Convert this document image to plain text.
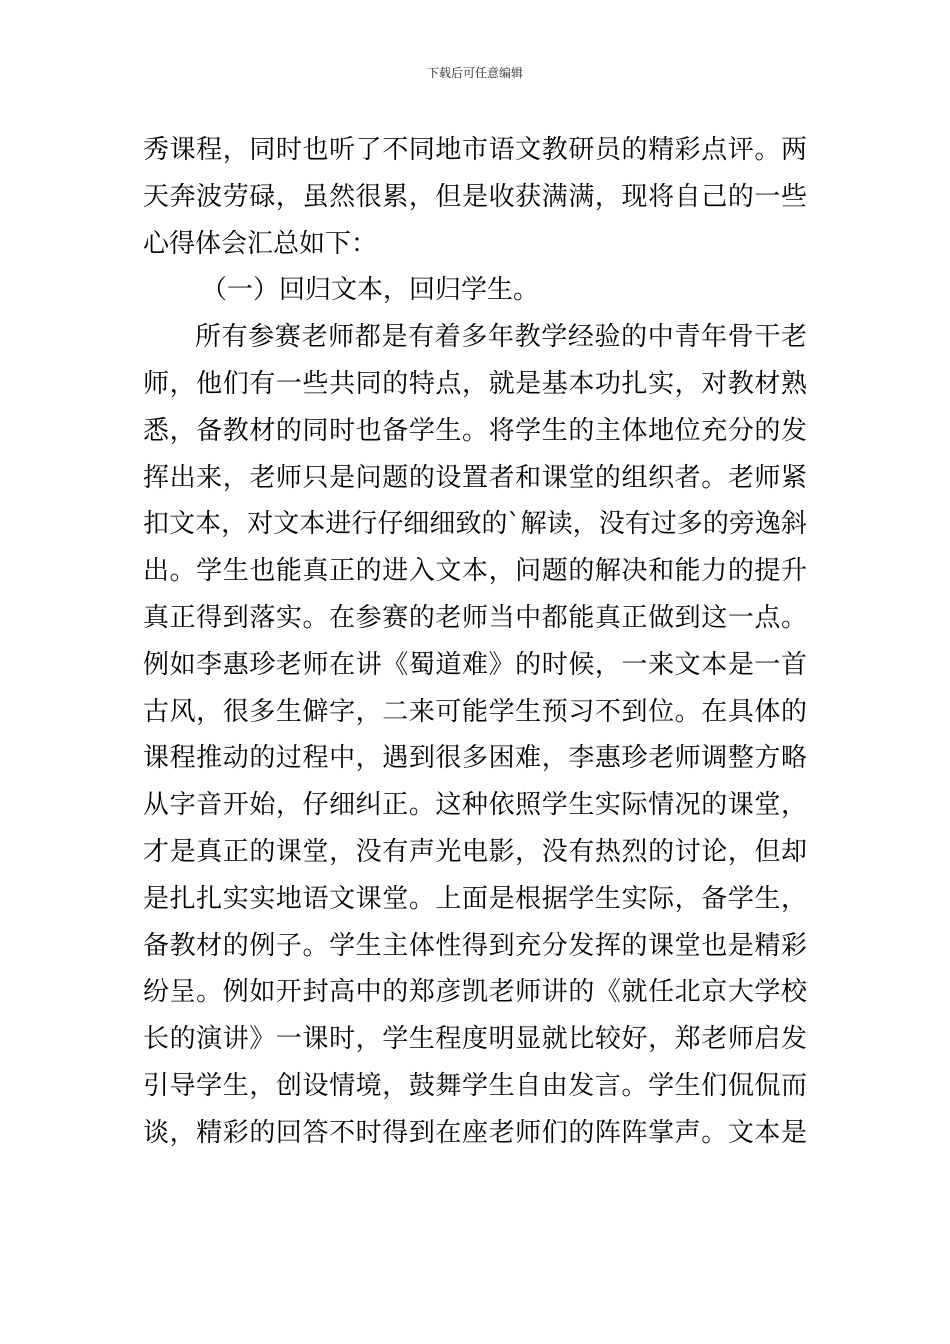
下载后可任意编辑
秀课程，同时也听了不同地市语文教研员的精彩点评。两
天奔波劳碌，虽然很累，但是收获满满，现将自己的一些
心得体会汇总如下：
（一）回归文本，回归学生。
所有参赛老师都是有着多年教学经验的中青年骨干老
师，他们有一些共同的特点，就是基本功扎实，对教材熟
悉，备教材的同时也备学生。将学生的主体地位充分的发
挥出来，老师只是问题的设置者和课堂的组织者。老师紧
扣文本，对文本进行仔细细致的`解读，没有过多的旁逸斜
出。学生也能真正的进入文本，问题的解决和能力的提升
真正得到落实。在参赛的老师当中都能真正做到这一点。
例如李惠珍老师在讲《蜀道难》的时候，一来文本是一首
古风，很多生僻字，二来可能学生预习不到位。在具体的
课程推动的过程中，遇到很多困难，李惠珍老师调整方略
从字音开始，仔细纠正。这种依照学生实际情况的课堂，
才是真正的课堂，没有声光电影，没有热烈的讨论，但却
是扎扎实实地语文课堂。上面是根据学生实际，备学生，
备教材的例子。学生主体性得到充分发挥的课堂也是精彩
纷呈。例如开封高中的郑彦凯老师讲的《就任北京大学校
长的演讲》一课时，学生程度明显就比较好，郑老师启发
引导学生，创设情境，鼓舞学生自由发言。学生们侃侃而
谈，精彩的回答不时得到在座老师们的阵阵掌声。文本是
